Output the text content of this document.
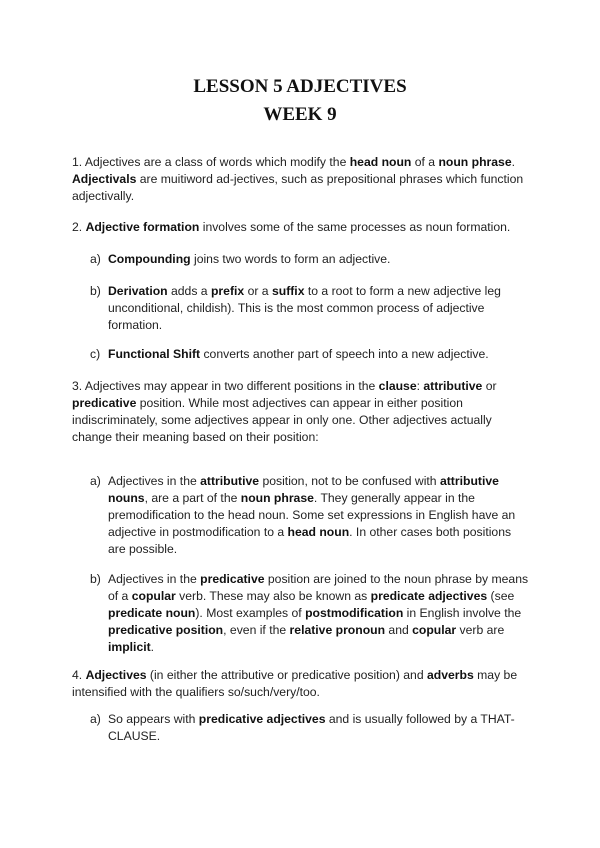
LESSON 5 ADJECTIVES
WEEK 9

1. Adjectives are a class of words which modify the head noun of a noun phrase. Adjectivals are muitiword ad-jectives, such as prepositional phrases which function adjectivally.

2. Adjective formation involves some of the same processes as noun formation.

a) Compounding joins two words to form an adjective.
b) Derivation adds a prefix or a suffix to a root to form a new adjective leg unconditional, childish). This is the most common process of adjective formation.
c) Functional Shift converts another part of speech into a new adjective.

3. Adjectives may appear in two different positions in the clause: attributive or predicative position. While most adjectives can appear in either position indiscriminately, some adjectives appear in only one. Other adjectives actually change their meaning based on their position:

a) Adjectives in the attributive position, not to be confused with attributive nouns, are a part of the noun phrase. They generally appear in the premodification to the head noun. Some set expressions in English have an adjective in postmodification to a head noun. In other cases both positions are possible.
b) Adjectives in the predicative position are joined to the noun phrase by means of a copular verb. These may also be known as predicate adjectives (see predicate noun). Most examples of postmodification in English involve the predicative position, even if the relative pronoun and copular verb are implicit.

4. Adjectives (in either the attributive or predicative position) and adverbs may be intensified with the qualifiers so/such/very/too.

a) So appears with predicative adjectives and is usually followed by a THAT-CLAUSE.
